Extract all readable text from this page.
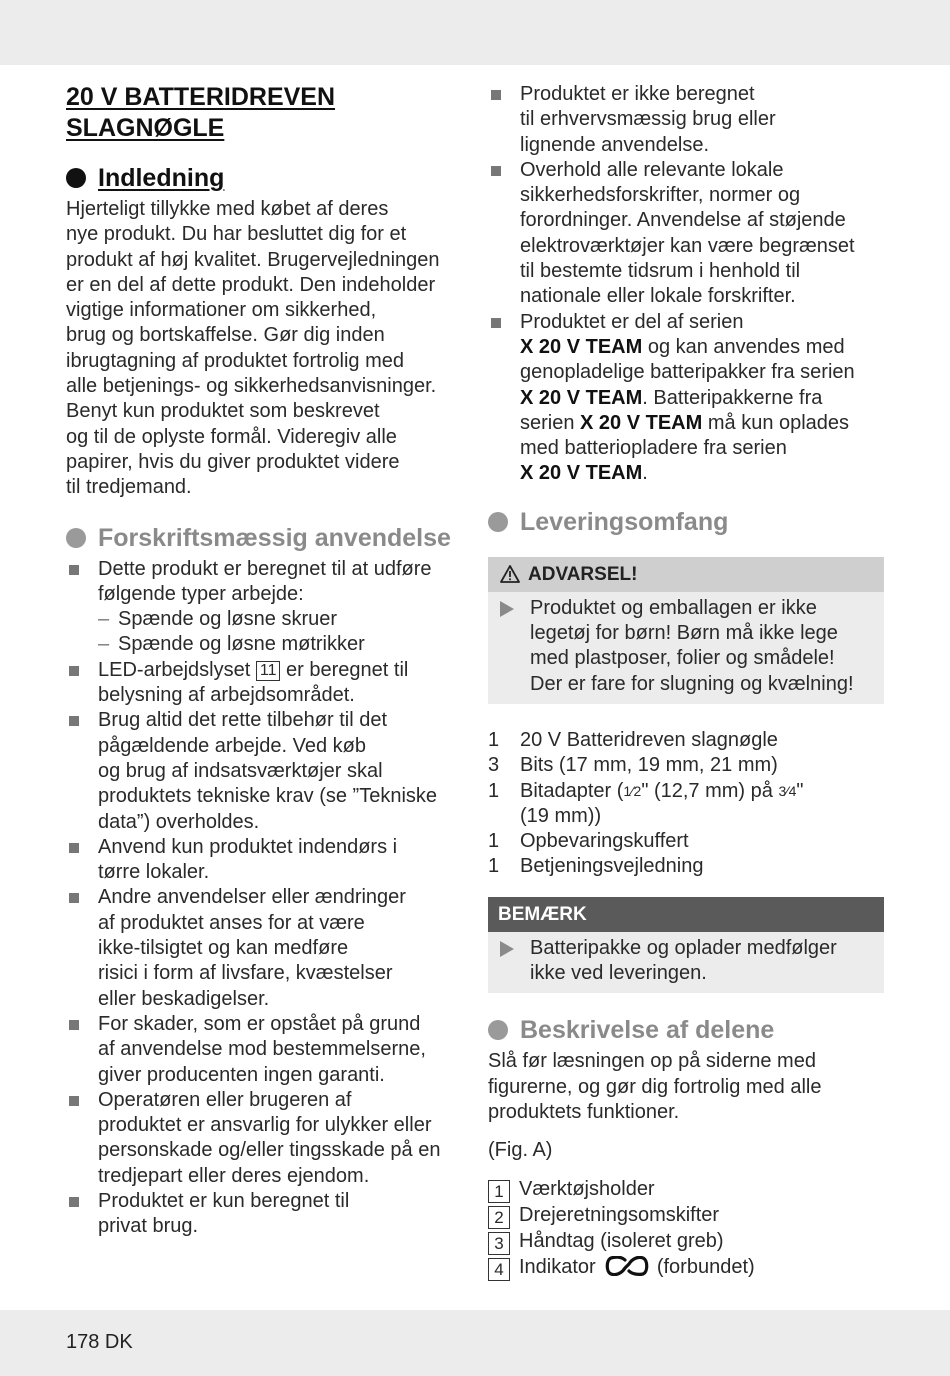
20 V BATTERIDREVEN
SLAGNØGLE
Indledning

Hjerteligt tillykke med købet af deres
nye produkt. Du har besluttet dig for et
produkt af høj kvalitet. Brugervejledningen
er en del af dette produkt. Den indeholder
vigtige informationer om sikkerhed,
brug og bortskaffelse. Gør dig inden
ibrugtagning af produktet fortrolig med
alle betjenings- og sikkerhedsanvisninger.
Benyt kun produktet som beskrevet
og til de oplyste formål. Videregiv alle
papirer, hvis du giver produktet videre
til tredjemand.

Forskriftsmæssig anvendelse
Dette produkt er beregnet til at udføre
følgende typer arbejde:
– Spænde og løsne skruer
– Spænde og løsne møtrikker
LED-arbejdslyset 11 er beregnet til
belysning af arbejdsområdet.
Brug altid det rette tilbehør til det
pågældende arbejde. Ved køb
og brug af indsatsværktøjer skal
produktets tekniske krav (se ”Tekniske
data”) overholdes.
Anvend kun produktet indendørs i
tørre lokaler.
Andre anvendelser eller ændringer
af produktet anses for at være
ikke-tilsigtet og kan medføre
risici i form af livsfare, kvæstelser
eller beskadigelser.
For skader, som er opstået på grund
af anvendelse mod bestemmelserne,
giver producenten ingen garanti.
Operatøren eller brugeren af
produktet er ansvarlig for ulykker eller
personskade og/eller tingsskade på en
tredjepart eller deres ejendom.
Produktet er kun beregnet til
privat brug.
Produktet er ikke beregnet
til erhvervsmæssig brug eller
lignende anvendelse.
Overhold alle relevante lokale
sikkerhedsforskrifter, normer og
forordninger. Anvendelse af støjende
elektroværktøjer kan være begrænset
til bestemte tidsrum i henhold til
nationale eller lokale forskrifter.
Produktet er del af serien
X 20 V TEAM og kan anvendes med
genopladelige batteripakker fra serien
X 20 V TEAM. Batteripakkerne fra
serien X 20 V TEAM må kun oplades
med batteriopladere fra serien
X 20 V TEAM.
Leveringsomfang
ADVARSEL!
Produktet og emballagen er ikke
legetøj for børn! Børn må ikke lege
med plastposer, folier og smådele!
Der er fare for slugning og kvælning!
1	20 V Batteridreven slagnøgle
3	Bits (17 mm, 19 mm, 21 mm)
1	Bitadapter ($^{1⁄2}$" (12,7 mm) på $^{3⁄4}$"
(19 mm))
1	Opbevaringskuffert
1	Betjeningsvejledning
BEMÆRK
Batteripakke og oplader medfølger
ikke ved leveringen.
Beskrivelse af delene

Slå før læsningen op på siderne med
figurerne, og gør dig fortrolig med alle
produktets funktioner.

(Fig. A)

1 Værktøjsholder
2 Drejeretningsomskifter
3 Håndtag (isoleret greb)
4 Indikator	(forbundet)
178 DK
